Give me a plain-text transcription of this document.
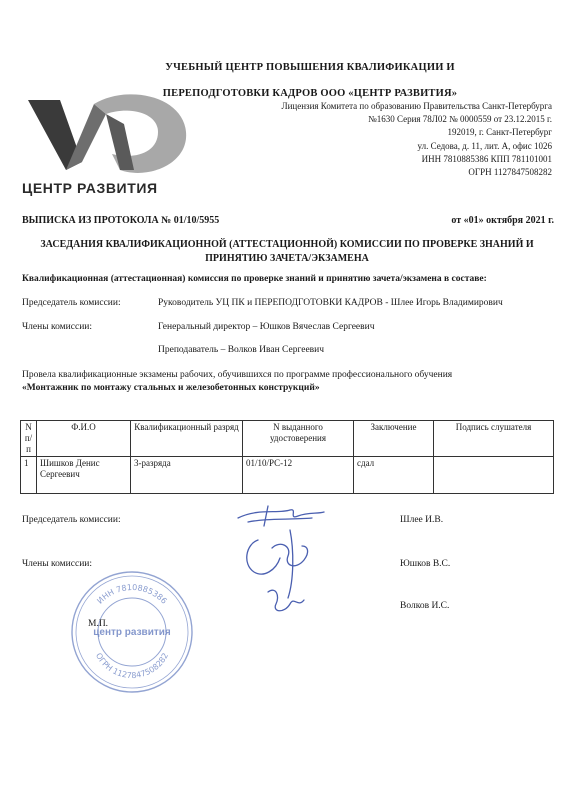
УЧЕБНЫЙ ЦЕНТР ПОВЫШЕНИЯ КВАЛИФИКАЦИИ И
ПЕРЕПОДГОТОВКИ КАДРОВ ООО «ЦЕНТР РАЗВИТИЯ»
Лицензия Комитета по образованию Правительства Санкт-Петербурга
№1630 Серия 78Л02 № 0000559 от 23.12.2015 г.
192019, г. Санкт-Петербург
ул. Седова, д. 11, лит. А, офис 1026
ИНН 7810885386 КПП 781101001
ОГРН 1127847508282
ЦЕНТР РАЗВИТИЯ
ВЫПИСКА ИЗ ПРОТОКОЛА № 01/10/5955	от «01» октября 2021 г.
ЗАСЕДАНИЯ КВАЛИФИКАЦИОННОЙ (АТТЕСТАЦИОННОЙ) КОМИССИИ ПО ПРОВЕРКЕ ЗНАНИЙ И
ПРИНЯТИЮ ЗАЧЕТА/ЭКЗАМЕНА
Квалификационная (аттестационная) комиссия по проверке знаний и принятию зачета/экзамена в составе:
Председатель комиссии:	Руководитель УЦ ПК и ПЕРЕПОДГОТОВКИ КАДРОВ - Шлее Игорь Владимирович
Члены комиссии:	Генеральный директор – Юшков Вячеслав Сергеевич
Преподаватель – Волков Иван Сергеевич
Провела квалификационные экзамены рабочих, обучившихся по программе профессионального обучения
«Монтажник по монтажу стальных и железобетонных конструкций»
N п/п	Ф.И.О	Квалификационный разряд	N выданного удостоверения	Заключение	Подпись слушателя
1	Шишков Денис Сергеевич	3-разряда	01/10/РС-12	сдал	
ИНН 7810885386
ОГРН 1127847508282
центр развития
Председатель комиссии:	Шлее И.В.
Члены комиссии:	Юшков В.С.
Волков И.С.
М.П.
